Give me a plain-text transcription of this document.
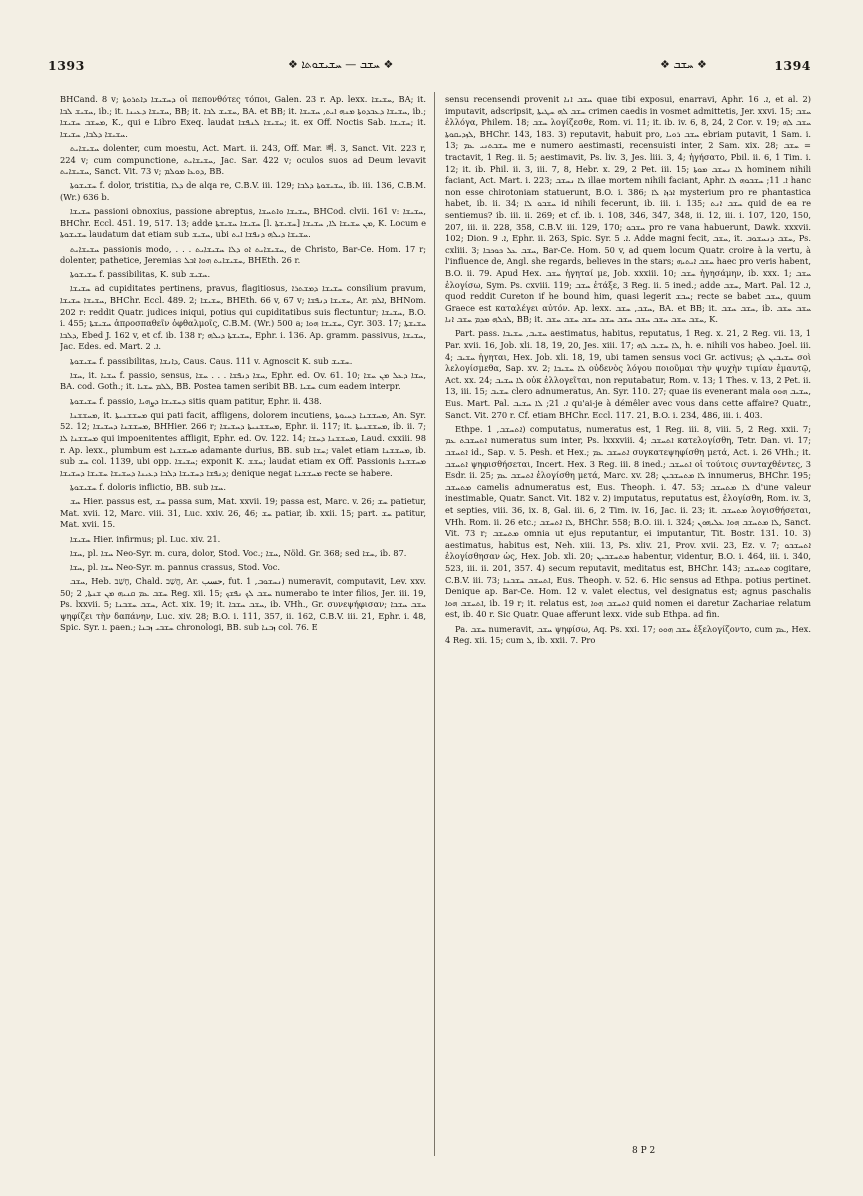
1393	❖ ܚܫܒ — ܚܫܝܫܘܬܐ ❖	❖ ܚܫܒ ❖	1394

BHCand. 8 v; ܕܚܫܝܫܐ ܕܐܬܪܘܬܐ οἱ πεπονθότες τόποι, Galen. 23 r. Ap. lexx. ܚܫܝܫܐ, BA; it. ܚܫܝܫ ܠܒܐ, ib.; it. ܚܫܝܫܐ ܕܥܝܢܐ, BB; it. ܚܫܝܫ ܠܒܐ, BA. et BB; it. ܚܫܝܫܐ ܕܥܒܕܘܬܐ ܡܢܗ ܐܝܬ, ܚܫܝܫܐ, ib.; ܡܚܫܒ ܚܫܝܫܐ, K., qui e Libro Exeq. laudat ܚܫܝܫܐ ܠܢܦܫܐ; it. ex Off. Noctis Sab. ܚܫܝܫܐ; it. ܚܫܝܫܐ ܕܠܒܐ, ܚܫܝܫܐ.

ܚܫܝܫܐܝܬ dolenter, cum moestu, Act. Mart. ii. 243, Off. Mar. 뼈. 3, Sanct. Vit. 223 r, 224 v; cum compunctione, ܚܫܝܫܐܝܬ, Jac. Sar. 422 v; oculos suos ad Deum levavit ܚܫܝܫܐܝܬ, Sanct. Vit. 73 v; ܕܘܥܐ ܡܘܠܡ, BB.

ܚܫܝܫܘܬܐ f. dolor, tristitia, ܕܠܐ de alqa re, C.B.V. iii. 129; ܚܫܝܫܘܬܐ ܕܠܒܐ, ib. iii. 136, C.B.M. (Wr.) 636 b.

ܚܫܝܫܐ passioni obnoxius, passione abreptus, ܚܫܝܫܐ ܘܐܬܚܫܐ, BHCod. clvii. 161 v: ܚܫܝܫܐ, BHChr. Eccl. 451. 19, 517. 13; adde ܚܫܝܫܐ ܚܫܝܫܬܐ [l. ܚܫܝܫܬܐ] ܡܢ ܚܫܝܫܐ ܠܐ, ܚܫܝܫܐ, K. Locum e ܚܫܝܫܘܬܐ laudatum dat etiam sub ܚܫܝܫ, ubi ܚܫܝܫܐ ܕܝܠܗ ܕܢܦܫܐ ܐܝܬ.

ܚܫܝܫܐܝܬ passionis modo, . . . ܚܫܝܫܐܝܬ ܐܘ ܕܠܐ ܚܫܝܫܐܝܬ, de Christo, Bar-Ce. Hom. 17 r; dolenter, pathetice, Jeremias ܚܫܝܫܐܝܬ ܗܘܐ ܐܒܠ, BHEth. 26 r.

ܚܫܝܫܘܬܐ f. passibilitas, K. sub ܚܫܝܫ.

ܚܫܝܫܐ ad cupiditates pertinens, pravus, flagitiosus, ܚܫܝܫܐ ܕܡܫܬܪܐ consilium pravum, ܚܫܝܫܐ ܚܫܝܫܐ, BHChr. Eccl. 489. 2; ܚܫܝܫܐ, BHEth. 66 v, 67 v; ܚܫܝܫܐ ܕܢܦܫܐ, Ar. ܐܠܡ, BHNom. 202 r: reddit Quatr. judices iniqui, potius qui cupiditatibus suis flectuntur; ܚܫܝܫܐ, B.O. i. 455; ܚܫܝܫܬܐ ἀπροσπαθεῖν ὀφθαλμοῖς, C.B.M. (Wr.) 500 a; ܚܫܝܫܐ ܗܘܐ, Cyr. 303. 17; ܚܫܝܫܬܐ ܕܠܒܐ, Ebed J. 162 v, et cf. ib. 138 r; ܚܫܝܫܬܐ ܕܝܠܗ, Ephr. i. 136. Ap. gramm. passivus, ܚܫܝܫܐ, Jac. Edes. ed. Mart. ܐ. 2.

ܚܫܝܫܘܬܐ f. passibilitas, ܕܐܢܫܐ, Caus. Caus. 111 v. Agnoscit K. sub ܚܫܝܫ.

ܚܫܐ, it. ܚܫܝܐ f. passio, sensus, ܚܫܐ ܕܢܦܫܐ . . . ܚܫܐ, Ephr. ed. Ov. 61. 10; ܚܫܐ ܕܥܠ ܡܢ ܚܫܐ, BA. cod. Goth.; it. ܠܠܡ ܚܫܝܐ, BB. Postea tamen seribit BB. ܚܫܝܐ cum eadem interpr.

ܚܫܝܫܘܬܐ f. passio, ܕܚܫܝܫܐ ܕܨܗܝܐ sitis quam patitur, Ephr. ii. 438.

ܡܚܫܫܢܐ, it. ܡܚܫܫܢܝܬܐ qui pati facit, affligens, dolorem incutiens, ܡܚܫܫܢܐ ܕܚܝܘܬܐ, An. Syr. 52. 12; ܡܚܫܫܢܐ ܕܚܫܝܫܐ, BHHier. 266 r; ܡܚܫܫܢܝܬܐ ܕܚܫܝܫܐ, Ephr. ii. 117; it. ܡܚܫܫܢܝܬܐ, ib. ii. 7; ܡܚܫܫܢܐ ܠܐ qui impoenitentes affligit, Ephr. ed. Ov. 122. 14; ܡܚܫܫܢܐ ܕܚܫܐ, Laud. cxxiii. 98 r. Ap. lexx., plumbum est ܡܚܫܫܢܐ adamante durius, BB. sub ܚܫܐ; valet etiam ܡܚܫܫܢܐ, ib. sub ܚܫ col. 1139, ubi opp. ܚܫܝܫܐ; exponit K. ܚܫܫ; laudat etiam ex Off. Passionis ܡܚܫܫܢܐ ܕܢܦܫܐ ܕܚܫܝܫܐ ܕܠܒܐ ܕܥܝܢܐ ܕܚܫܝܫܐ ܚܫܝܫܐ ܕܚܫܝܫܐ; denique negat ܡܚܫܫܢܐ recte se habere.

ܚܫܝܫܘܬܐ f. doloris inflictio, BB. sub ܚܫܐ.

ܚܫ Hier. passus est, ܚܫ passa sum, Mat. xxvii. 19; passa est, Marc. v. 26; ܚܫ patietur, Mat. xvii. 12, Marc. viii. 31, Luc. xxiv. 26, 46; ܚܫ patiar, ib. xxii. 15; part. ܚܫ patitur, Mat. xvii. 15.

ܚܫܝܫܐ Hier. infirmus; pl. Luc. xiv. 21.

ܚܫܐ, pl. ܚܫܐ Neo-Syr. m. cura, dolor, Stod. Voc.; ܚܫܐ, Nöld. Gr. 368; sed ܚܫܐ, ib. 87.

ܚܫܐ, pl. ܚܫܐ Neo-Syr. m. pannus crassus, Stod. Voc.

ܚܫܒ, Heb. חָשַׁב, Chald. חֲשַׁב, Ar. حسب, fut. ܢܚܫܘܒ, 1) numeravit, computavit, Lev. xxv. 50; ܚܫܒ ܥܡ ܩܢܝܗ ܡܢ ܫܢܬܐ, 2 Reg. xii. 15; ܚܫܒ ܠܟ ܢܦܫܟ numerabo te inter filios, Jer. iii. 19, Ps. lxxvii. 5; ܚܫܒ ܚܫܒܢܐ, Act. xix. 19; it. ܚܫܒ ܚܫܒܐ, ib. VHh., Gr. συνεψήφισαν; ܚܫܒ ܚܫܒܐ ψηφίζει τὴν δαπάνην, Luc. xiv. 28; B.O. i. 111, 357, ii. 162, C.B.V. iii. 21, Ephr. i. 48, Spic. Syr. ܐ. paen.; ܚܫܒܝ ܙܒܢܐ chronologi, BB. sub ܙܒܢܐ col. 76. E

sensu recensendi provenit ܚܫܒ ܐܢܐ quae tibi exposui, enarravi, Aphr. ܐ. 16, et al. 2) imputavit, adscripsit, ܚܫܒ ܠܗ ܚܛܝܬܐ crimen caedis in vosmet admittetis, Jer. xxvi. 15; ܚܫܒ ἐλλόγα, Philem. 18; ܚܫܒ λογίζεσθε, Rom. vi. 11; it. ib. iv. 6, 8, 24, 2 Cor. v. 19; ܚܫܒ ܠܗ ܠܙܕܝܩܘܬܐ, BHChr. 143, 183. 3) reputavit, habuit pro, ܚܫܒ ܪܘܝܐ ebriam putavit, 1 Sam. i. 13; ܚܫܒܬܢܝ ܥܡ me e numero aestimasti, recensuisti inter, 2 Sam. xix. 28; ܚܫܒ = tractavit, 1 Reg. ii. 5; aestimavit, Ps. liv. 3, Jes. liii. 3, 4; ἡγήσατο, Pbil. ii. 6, 1 Tim. i. 12; it. ib. Phil. ii. 3, iii. 7, 8, Hebr. x. 29, 2 Pet. iii. 15; ܠܐ ܢܚܫܒ ܡܘܬܐ hominem nihili faciant, Act. Mart. i. 223; ܠܐ ܢܚܫܒ illae mortem nihili faciant, Aphr. ܐ. 11; ܚܫܒܘܗ ܠܐ hanc non esse chirotoniam statuerunt, B.O. i. 386; ܐܪܙܐ ܠܐ mysterium pro re phantastica habet, ib. ii. 34; ܚܫܒܘ ܠܐ id nihili fecerunt, ib. iii. i. 135; ܚܫܒ ܐܢܬ quid de ea re sentiemus? ib. iii. ii. 269; et cf. ib. i. 108, 346, 347, 348, ii. 12, iii. i. 107, 120, 150, 207, iii. ii. 228, 358, C.B.V. iii. 129, 170; ܚܫܒܘ pro re vana habuerunt, Dawk. xxxvii. 102; Dion. ܐ. 9, Ephr. ii. 263, Spic. Syr. ܐ. 5. Adde magni fecit, ܚܫܒ, it. ܚܫܒ ܕܢܚܫܘܒ, Ps. cxliii. 3; ܚܫܒ ܥܠ ܟܘܟܒܐ, Bar-Ce. Hom. 50 v, ad quem locum Quatr. croire à la vertu, à l'influence de, Angl. she regards, believes in the stars; ܚܫܒ ܐܝܬܝܗ haec pro veris habent, B.O. ii. 79. Apud Hex. ܚܫܒ ἡγηταί με, Job. xxxiii. 10; ܚܫܒ ἡγησάμην, ib. xxx. 1; ܚܫܒ ἐλογίσω, Sym. Ps. cxviii. 119; ܚܫܒ ἐτάξε, 3 Reg. ii. 5 ined.; adde ܚܫܒ, Mart. Pal. ܐ. 12, quod reddit Cureton if he bound him, quasi legerit ܚܒܫ; recte se babet ܚܫܒ, quum Graece est καταλέγει αὐτόν. Ap. lexx. ܚܫܒ, ܚܫܒ, BA. et BB; it. ܚܫܒ ܚܫܒ, ib. ܚܫܒ ܚܫܒ ܠܟܠܗ ܡܕܡ ܚܫܒ ܐܢܐ, BB; it. ܚܫܒ ܚܫܒ ܚܫܒ ܚܫܒ ܚܫܒ ܚܫܒ ܚܫܒ ܚܫܒ ܚܫܒ, K.

Part. pass. ܚܫܝܒ, ܚܫܝܒܐ aestimatus, habitus, reputatus, 1 Reg. x. 21, 2 Reg. vii. 13, 1 Par. xvii. 16, Job. xli. 18, 19, 20, Jes. xiii. 17; ܠܐ ܚܫܝܒ ܠܗ, h. e. nihili vos habeo. Joel. iii. 4; ܚܫܝܒ ἡγηται, Hex. Job. xli. 18, 19, ubi tamen sensus voci Gr. activus; ܚܫܝܒܝܢ ܠܟ σοὶ λελογίσμεθα, Sap. xv. 2; ܠܐ ܚܫܝܒܐ οὐδενὸς λόγου ποιοῦμαι τὴν ψυχὴν τιμίαν ἐμαυτῷ, Act. xx. 24; ܠܐ ܚܫܝܒ οὐκ ἐλλογεῖται, non reputabatur, Rom. v. 13; 1 Thes. v. 13, 2 Pet. ii. 13, iii. 15; ܚܫܝܒ clero adnumeratus, An. Syr. 110. 27; quae iis evenerant mala ܚܫܝܒ ܗܘܘ, Eus. Mart. Pal. ܐ. 21; ܠܐ ܚܫܝܒ qu'ai-je à démêler avec vous dans cette affaire? Quatr., Sanct. Vit. 270 r. Cf. etiam BHChr. Eccl. 117. 21, B.O. i. 234, 486, iii. i. 403.

Ethpe. ܐܬܚܫܒ, 1) computatus, numeratus est, 1 Reg. iii. 8, viii. 5, 2 Reg. xxii. 7; ܐܬܚܫܒܬ ܥܡ numeratus sum inter, Ps. lxxxviii. 4; ܐܬܚܫܒ κατελογίσθη, Tetr. Dan. vi. 17; ܐܬܚܫܒ id., Sap. v. 5. Pesh. et Hex.; ܐܬܚܫܒ ܥܡ συγκατεψηφίσθη μετά, Act. i. 26 VHh.; it. ܐܬܚܫܒ ψηφισθήσεται, Incert. Hex. 3 Reg. iii. 8 ined.; ܐܬܚܫܒ οἱ τούτοις συνταχθέντες, 3 Esdr. ii. 25; ܐܬܚܫܒ ܥܡ ἐλογίσθη μετά, Marc. xv. 28; ܠܐ ܡܬܚܫܒܝܢ innumerus, BHChr. 195; ܡܬܚܫܒ camelis adnumeratus est, Eus. Theoph. i. 47. 53; ܠܐ ܡܬܚܫܒ d'une valeur inestimable, Quatr. Sanct. Vit. 182 v. 2) imputatus, reputatus est, ἐλογίσθη, Rom. iv. 3, et septies, viii. 36, ix. 8, Gal. iii. 6, 2 Tim. iv. 16, Jac. ii. 23; it. ܡܬܚܫܒ λογισθήσεται, VHh. Rom. ii. 26 etc.; ܠܐ ܐܬܚܫܒ, BHChr. 558; B.O. iii. i. 324; ܠܐ ܡܬܚܫܒ ܗܘܐ ܥܠܝܗܘܢ, Sanct. Vit. 73 r; ܡܬܚܫܒ omnia ut ejus reputantur, ei imputantur, Tit. Bostr. 131. 10. 3) aestimatus, habitus est, Neh. xiii. 13, Ps. xliv. 21, Prov. xvii. 23, Ez. v. 7; ܐܬܚܫܒܘ ἐλογίσθησαν ὡς, Hex. Job. xli. 20; ܡܬܚܫܒܝܢ habentur, videntur, B.O. i. 464, iii. i. 340, 523, iii. ii. 201, 357. 4) secum reputavit, meditatus est, BHChr. 143; ܡܬܚܫܒ cogitare, C.B.V. iii. 73; ܐܬܚܫܒ ܚܫܒܢܐ, Eus. Theoph. v. 52. 6. Hic sensus ad Ethpa. potius pertinet. Denique ap. Bar-Ce. Hom. 12 v. valet electus, vel designatus est; agnus paschalis ܐܬܚܫܒ ܗܘܐ, ib. 19 r; it. relatus est, ܐܬܚܫܒ ܗܘܐ quid nomen ei daretur Zachariae relatum est, ib. 40 r. Sic Quatr. Quae afferunt lexx. vide sub Ethpa. ad fin.

Pa. ܚܫܒ numeravit, ܚܫܒ ψηφίσω, Aq. Ps. xxi. 17; ܚܫܒ ܗܘܘ ἐξελογίζοντο, cum ܥܡ, Hex. 4 Reg. xii. 15; cum ܠ, ib. xxii. 7. Pro

8 P 2
